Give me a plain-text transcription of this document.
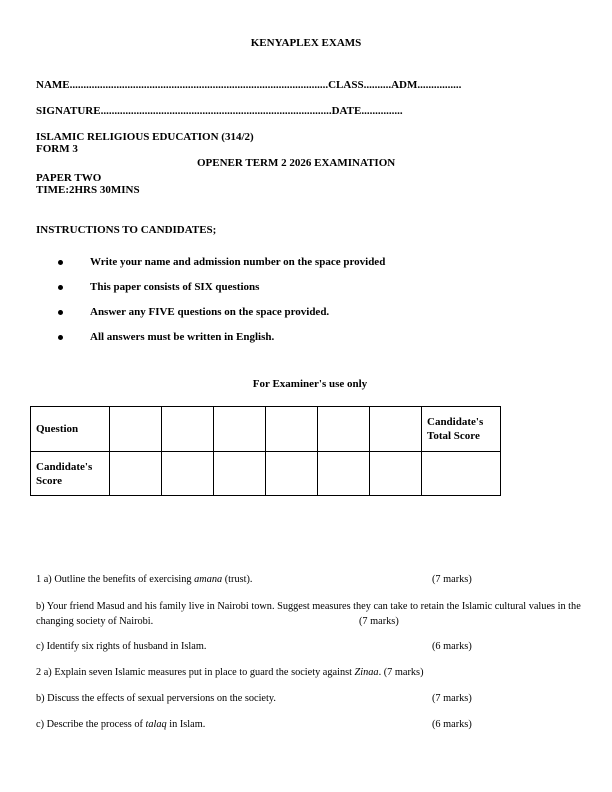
KENYAPLEX EXAMS
NAME..............................................................................................CLASS..........ADM................
SIGNATURE....................................................................................DATE...............
ISLAMIC RELIGIOUS EDUCATION (314/2)
FORM 3
OPENER TERM 2 2026 EXAMINATION
PAPER TWO
TIME:2HRS 30MINS
INSTRUCTIONS TO CANDIDATES;
Write your name and admission number on the space provided
This paper consists of SIX questions
Answer any FIVE questions on the space provided.
All answers must be written in English.
For Examiner's use only
Question							Candidate's Total Score
Candidate's Score							
1 a) Outline the benefits of exercising amana (trust).	(7 marks)
b) Your friend Masud and his family live in Nairobi town. Suggest measures they can take to retain the Islamic cultural values in the changing society of Nairobi.	(7 marks)
c) Identify six rights of husband in Islam.	(6 marks)
2 a) Explain seven Islamic measures put in place to guard the society against Zinaa. (7 marks)
b) Discuss the effects of sexual perversions on the society.	(7 marks)
c) Describe the process of talaq in Islam.	(6 marks)
